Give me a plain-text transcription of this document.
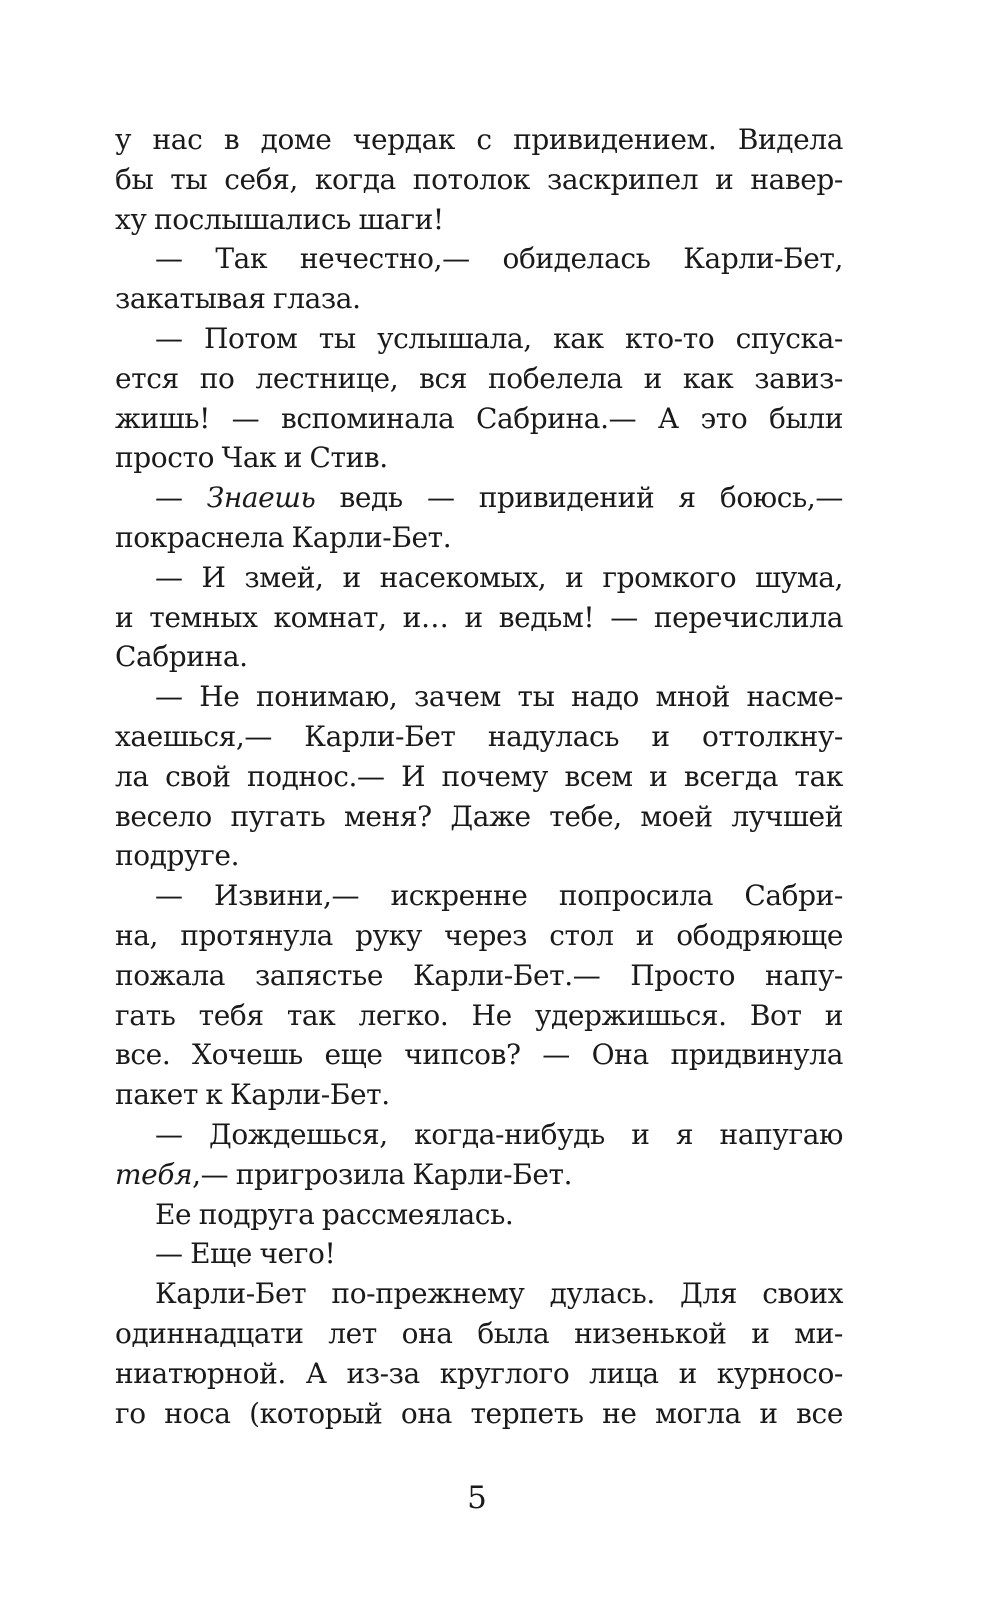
у нас в доме чердак с привидением. Видела
бы ты себя, когда потолок заскрипел и навер-
ху послышались шаги!
— Так нечестно,— обиделась Карли-Бет,
закатывая глаза.
— Потом ты услышала, как кто-то спуска-
ется по лестнице, вся побелела и как завиз-
жишь! — вспоминала Сабрина.— А это были
просто Чак и Стив.
— Знаешь ведь — привидений я боюсь,—
покраснела Карли-Бет.
— И змей, и насекомых, и громкого шума,
и темных комнат, и… и ведьм! — перечислила
Сабрина.
— Не понимаю, зачем ты надо мной насме-
хаешься,— Карли-Бет надулась и оттолкну-
ла свой поднос.— И почему всем и всегда так
весело пугать меня? Даже тебе, моей лучшей
подруге.
— Извини,— искренне попросила Сабри-
на, протянула руку через стол и ободряюще
пожала запястье Карли-Бет.— Просто напу-
гать тебя так легко. Не удержишься. Вот и
все. Хочешь еще чипсов? — Она придвинула
пакет к Карли-Бет.
— Дождешься, когда-нибудь и я напугаю
тебя,— пригрозила Карли-Бет.
Ее подруга рассмеялась.
— Еще чего!
Карли-Бет по-прежнему дулась. Для своих
одиннадцати лет она была низенькой и ми-
ниатюрной. А из-за круглого лица и курносо-
го носа (который она терпеть не могла и все
5
